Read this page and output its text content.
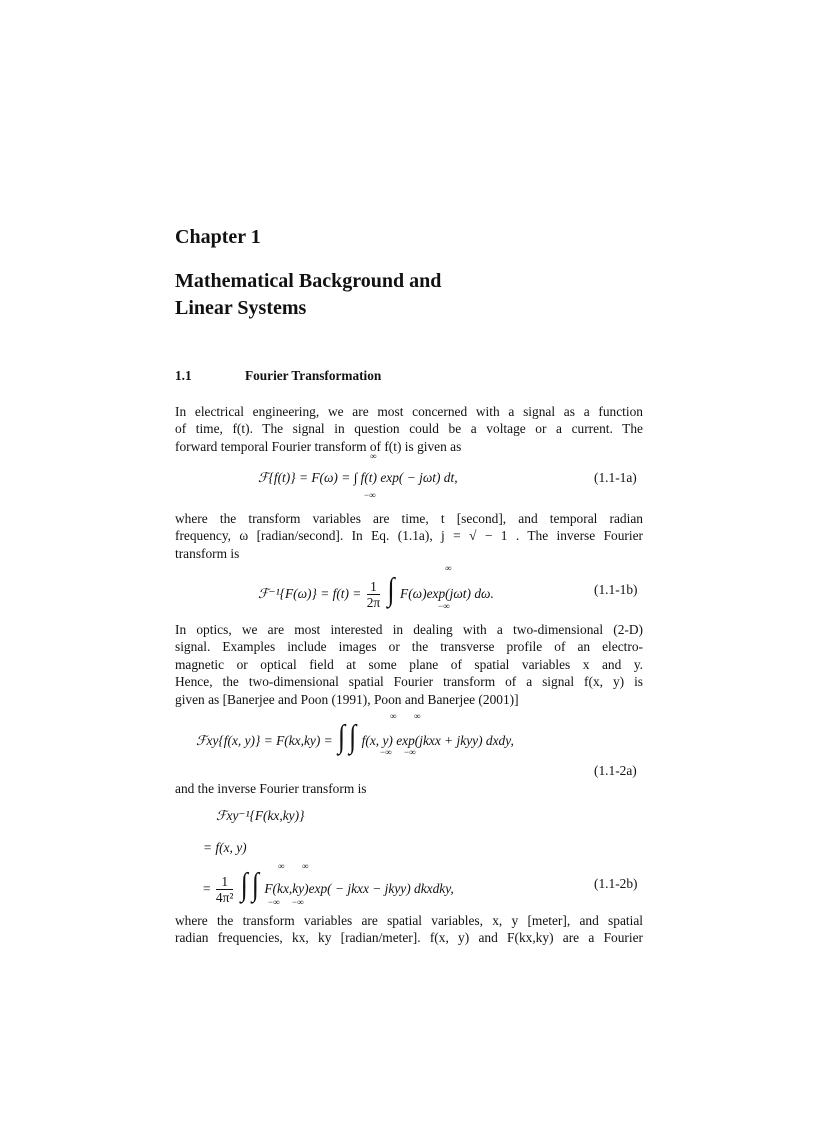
Chapter 1
Mathematical Background and
Linear Systems
1.1	Fourier Transformation
In electrical engineering, we are most concerned with a signal as a function
of time, f(t). The signal in question could be a voltage or a current. The
forward temporal Fourier transform of f(t) is given as
ℱ{f(t)} = F(ω) = ∫ f(t) exp( − jωt) dt,
∞
−∞
(1.1-1a)
where the transform variables are time, t [second], and temporal radian
frequency, ω [radian/second]. In Eq. (1.1a), j = √ − 1 . The inverse Fourier
transform is
ℱ⁻¹{F(ω)} = $f(t) = \frac{1}{2\pi}$ ∫ F(ω)exp(jωt) dω.
∞
−∞
(1.1-1b)
In optics, we are most interested in dealing with a two-dimensional (2-D)
signal. Examples include images or the transverse profile of an electro-
magnetic or optical field at some plane of spatial variables x and y.
Hence, the two-dimensional spatial Fourier transform of a signal f(x, y) is
given as [Banerjee and Poon (1991), Poon and Banerjee (2001)]
ℱxy{f(x, y)} = F(kx,ky) = ∫ ∫ f(x, y) exp(jkxx + jkyy) dxdy,
∞ ∞
−∞ −∞
(1.1-2a)
and the inverse Fourier transform is
ℱxy⁻¹{F(kx,ky)}
= f(x, y)
= $\frac{1}{\text{4π²}}$ ∫ ∫ F(kx,ky)exp( − jkxx − jkyy) dkxdky,
∞ ∞
−∞ −∞
(1.1-2b)
where the transform variables are spatial variables, x, y [meter], and spatial
radian frequencies, kx, ky [radian/meter]. f(x, y) and F(kx,ky) are a Fourier
